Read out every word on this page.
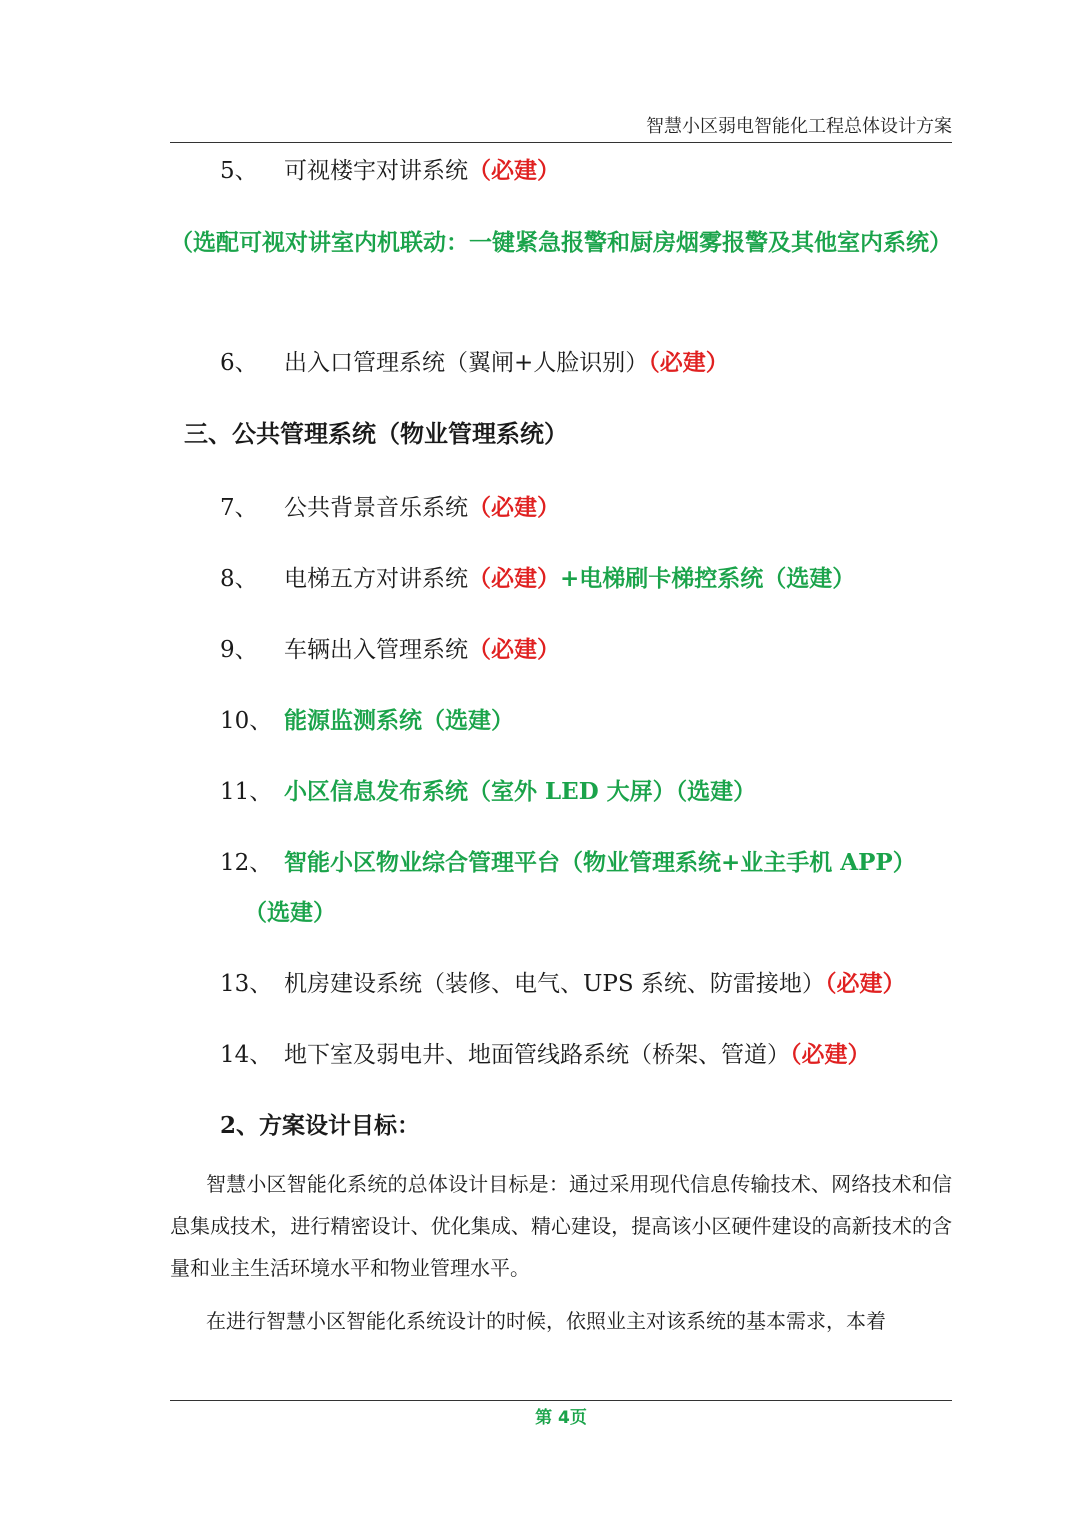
智慧小区弱电智能化工程总体设计方案
5、 可视楼宇对讲系统（必建）
（选配可视对讲室内机联动：一键紧急报警和厨房烟雾报警及其他室内系统）
6、 出入口管理系统（翼闸+人脸识别）（必建）
三、公共管理系统（物业管理系统）
7、 公共背景音乐系统（必建）
8、 电梯五方对讲系统（必建）+电梯刷卡梯控系统（选建）
9、 车辆出入管理系统（必建）
10、 能源监测系统（选建）
11、 小区信息发布系统（室外 LED 大屏）（选建）
12、 智能小区物业综合管理平台（物业管理系统+业主手机 APP）
（选建）
13、 机房建设系统（装修、电气、UPS 系统、防雷接地）（必建）
14、 地下室及弱电井、地面管线路系统（桥架、管道）（必建）
2、方案设计目标：
智慧小区智能化系统的总体设计目标是：通过采用现代信息传输技术、网络技术和信息集成技术，进行精密设计、优化集成、精心建设，提高该小区硬件建设的高新技术的含量和业主生活环境水平和物业管理水平。
在进行智慧小区智能化系统设计的时候，依照业主对该系统的基本需求，本着
第 4页
